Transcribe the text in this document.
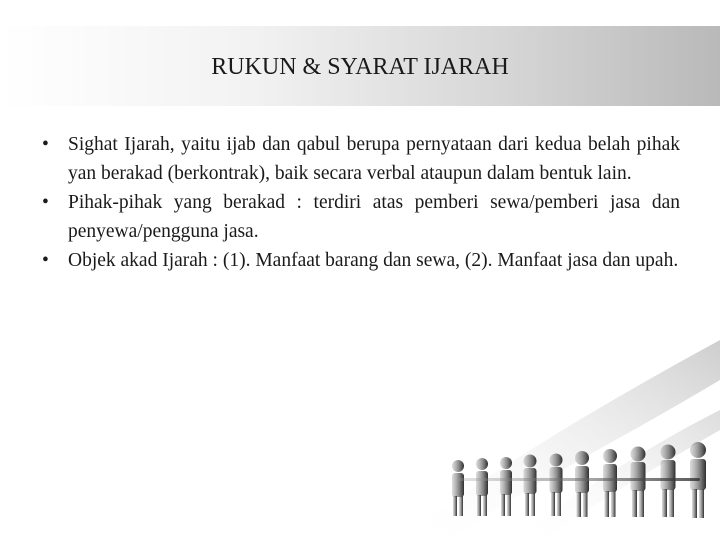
RUKUN & SYARAT IJARAH
• Sighat Ijarah, yaitu ijab dan qabul berupa pernyataan dari kedua belah pihak yan berakad (berkontrak), baik secara verbal ataupun dalam bentuk lain.
• Pihak-pihak yang berakad : terdiri atas pemberi sewa/pemberi jasa dan penyewa/pengguna jasa.
• Objek akad Ijarah : (1). Manfaat barang dan sewa, (2). Manfaat jasa dan upah.
